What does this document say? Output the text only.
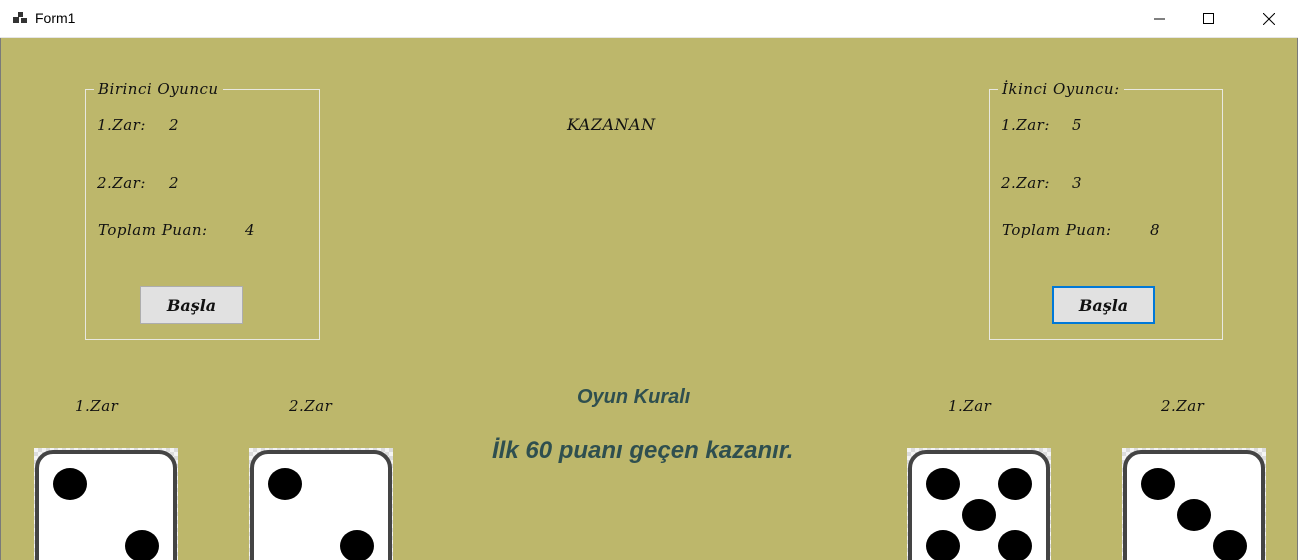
Form1
Birinci Oyuncu
1.Zar: 2
2.Zar: 2
Toplam Puan: 4
Başla
KAZANAN
İkinci Oyuncu:
1.Zar: 5
2.Zar: 3
Toplam Puan:	8
Başla
Oyun Kuralı
İlk 60 puanı geçen kazanır.
1.Zar	2.Zar	1.Zar	2.Zar
